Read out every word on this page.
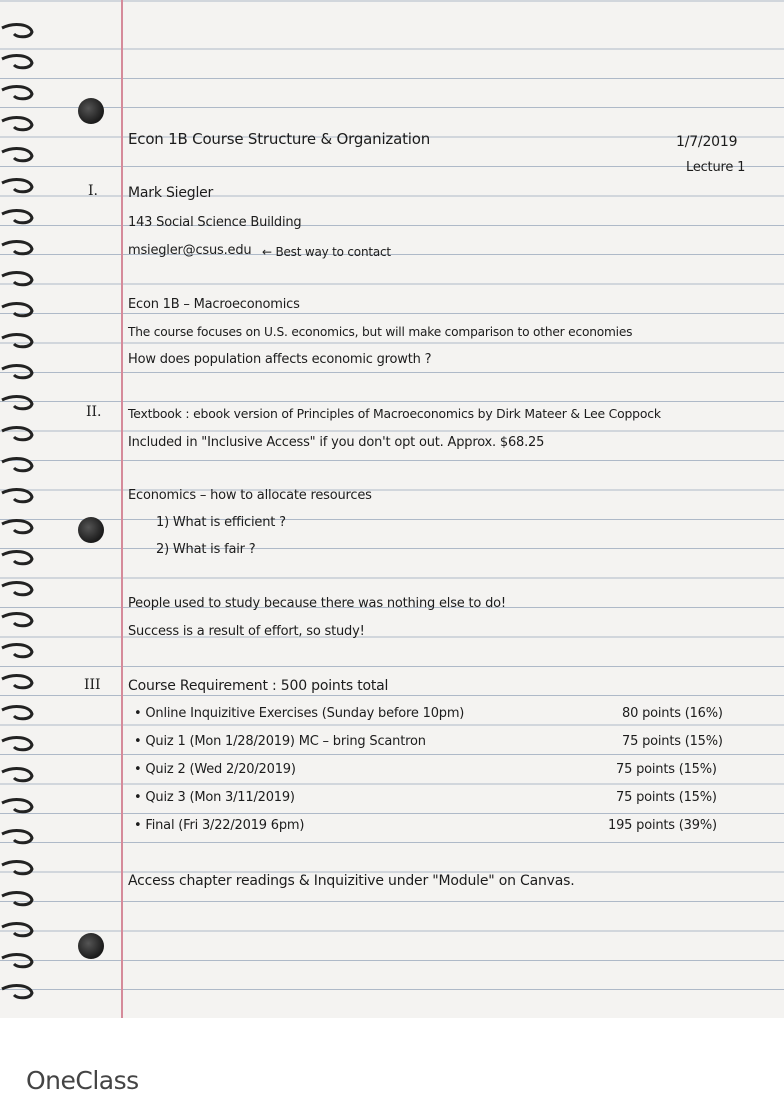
Econ 1B Course Structure & Organization	1/7/2019
Lecture 1
I. Mark Siegler
143 Social Science Building
msiegler@csus.edu ← Best way to contact
Econ 1B – Macroeconomics
The course focuses on U.S. economics, but will make comparison to other economies
How does population affects economic growth ?
II. Textbook : ebook version of Principles of Macroeconomics by Dirk Mateer & Lee Coppock
Included in "Inclusive Access" if you don't opt out. Approx. $68.25
Economics – how to allocate resources
1) What is efficient ?
2) What is fair ?
People used to study because there was nothing else to do!
Success is a result of effort, so study!
III Course Requirement : 500 points total
• Online Inquizitive Exercises (Sunday before 10pm)	80 points (16%)
• Quiz 1 (Mon 1/28/2019) MC – bring Scantron	75 points (15%)
• Quiz 2 (Wed 2/20/2019)	75 points (15%)
• Quiz 3 (Mon 3/11/2019)	75 points (15%)
• Final (Fri 3/22/2019 6pm)	195 points (39%)
Access chapter readings & Inquizitive under "Module" on Canvas.
OneClass
